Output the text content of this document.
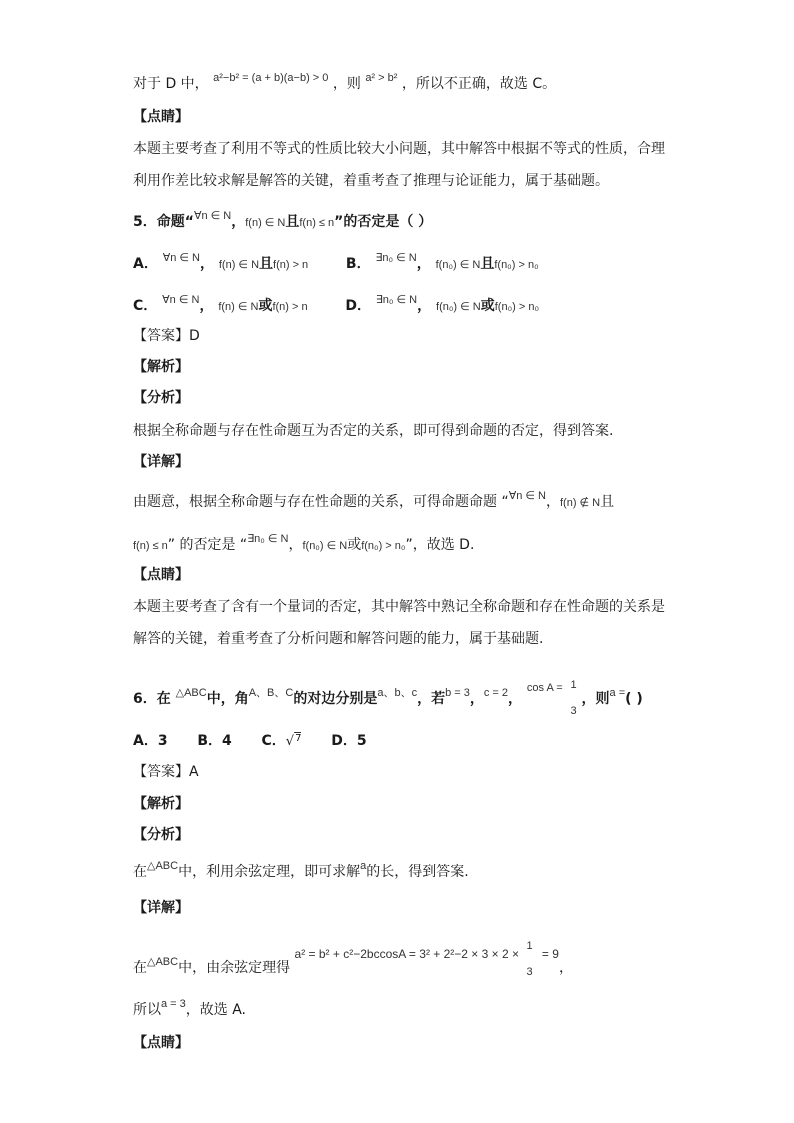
对于 D 中， $^{a^2-b^2 = (a + b)(a-b) > 0}$ ，则 $^{a^2 > b^2}$ ，所以不正确，故选 C。
【点睛】
本题主要考查了利用不等式的性质比较大小问题，其中解答中根据不等式的性质，合理
利用作差比较求解是解答的关键，着重考查了推理与论证能力，属于基础题。
5．命题“$^{\forall n \in N}$，f(n) ∈ N且f(n) ≤ n”的否定是（ ）
A． $^{\forall n \in N}$， f(n) ∈ N且f(n) > n	B． $^{\exists n_0 \in N}$， f(n₀) ∈ N且f(n₀) > n₀
C． $^{\forall n \in N}$， f(n) ∈ N或f(n) > n	D． $^{\exists n_0 \in N}$， f(n₀) ∈ N或f(n₀) > n₀
【答案】D
【解析】
【分析】
根据全称命题与存在性命题互为否定的关系，即可得到命题的否定，得到答案.
【详解】
由题意，根据全称命题与存在性命题的关系，可得命题命题 “$^{\forall n \in N}$，f(n) ∉ N且
f(n) ≤ n” 的否定是 “$^{\exists n_0 \in N}$，f(n₀) ∈ N或f(n₀) > n₀”，故选 D.
【点睛】
本题主要考查了含有一个量词的否定，其中解答中熟记全称命题和存在性命题的关系是
解答的关键，着重考查了分析问题和解答问题的能力，属于基础题.
6．在 $^{\triangle ABC}$中，角$^{A、B、C}$的对边分别是$^{a、b、c}$，若$^{b = 3}$，$^{c = 2}$， $^{cos A =}$ 1
3
，则$^{a =}$( )
A．3 B．4 C．√$^7$ D．5
【答案】A
【解析】
【分析】
在$^{\triangle ABC}$中，利用余弦定理，即可求解$^a$的长，得到答案.
【详解】
在$^{\triangle ABC}$中，由余弦定理得 a² = b² + c²−2bccosA = 3² + 2²−2 × 3 × 2 ×
1
3
= 9，
所以$^{a = 3}$，故选 A.
【点睛】
